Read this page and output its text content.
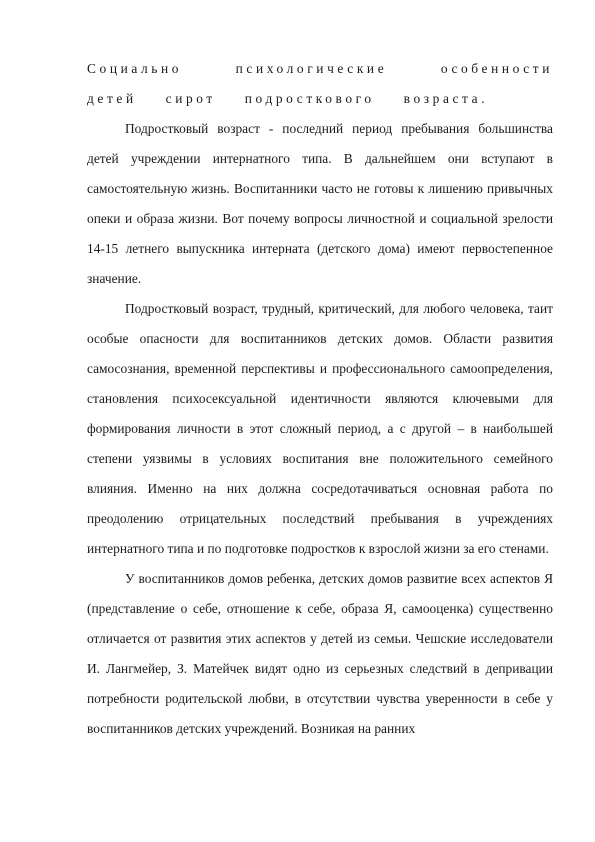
Социально психологические особенности детей сирот подросткового возраста.

Подростковый возраст - последний период пребывания большинства детей учреждении интернатного типа. В дальнейшем они вступают в самостоятельную жизнь. Воспитанники часто не готовы к лишению привычных опеки и образа жизни. Вот почему вопросы личностной и социальной зрелости 14-15 летнего выпускника интерната (детского дома) имеют первостепенное значение.

Подростковый возраст, трудный, критический, для любого человека, таит особые опасности для воспитанников детских домов. Области развития самосознания, временной перспективы и профессионального самоопределения, становления психосексуальной идентичности являются ключевыми для формирования личности в этот сложный период, а с другой – в наибольшей степени уязвимы в условиях воспитания вне положительного семейного влияния. Именно на них должна сосредотачиваться основная работа по преодолению отрицательных последствий пребывания в учреждениях интернатного типа и по подготовке подростков к взрослой жизни за его стенами.

У воспитанников домов ребенка, детских домов развитие всех аспектов Я (представление о себе, отношение к себе, образа Я, самооценка) существенно отличается от развития этих аспектов у детей из семьи. Чешские исследователи И. Лангмейер, З. Матейчек видят одно из серьезных следствий в депривации потребности родительской любви, в отсутствии чувства уверенности в себе у воспитанников детских учреждений. Возникая на ранних
